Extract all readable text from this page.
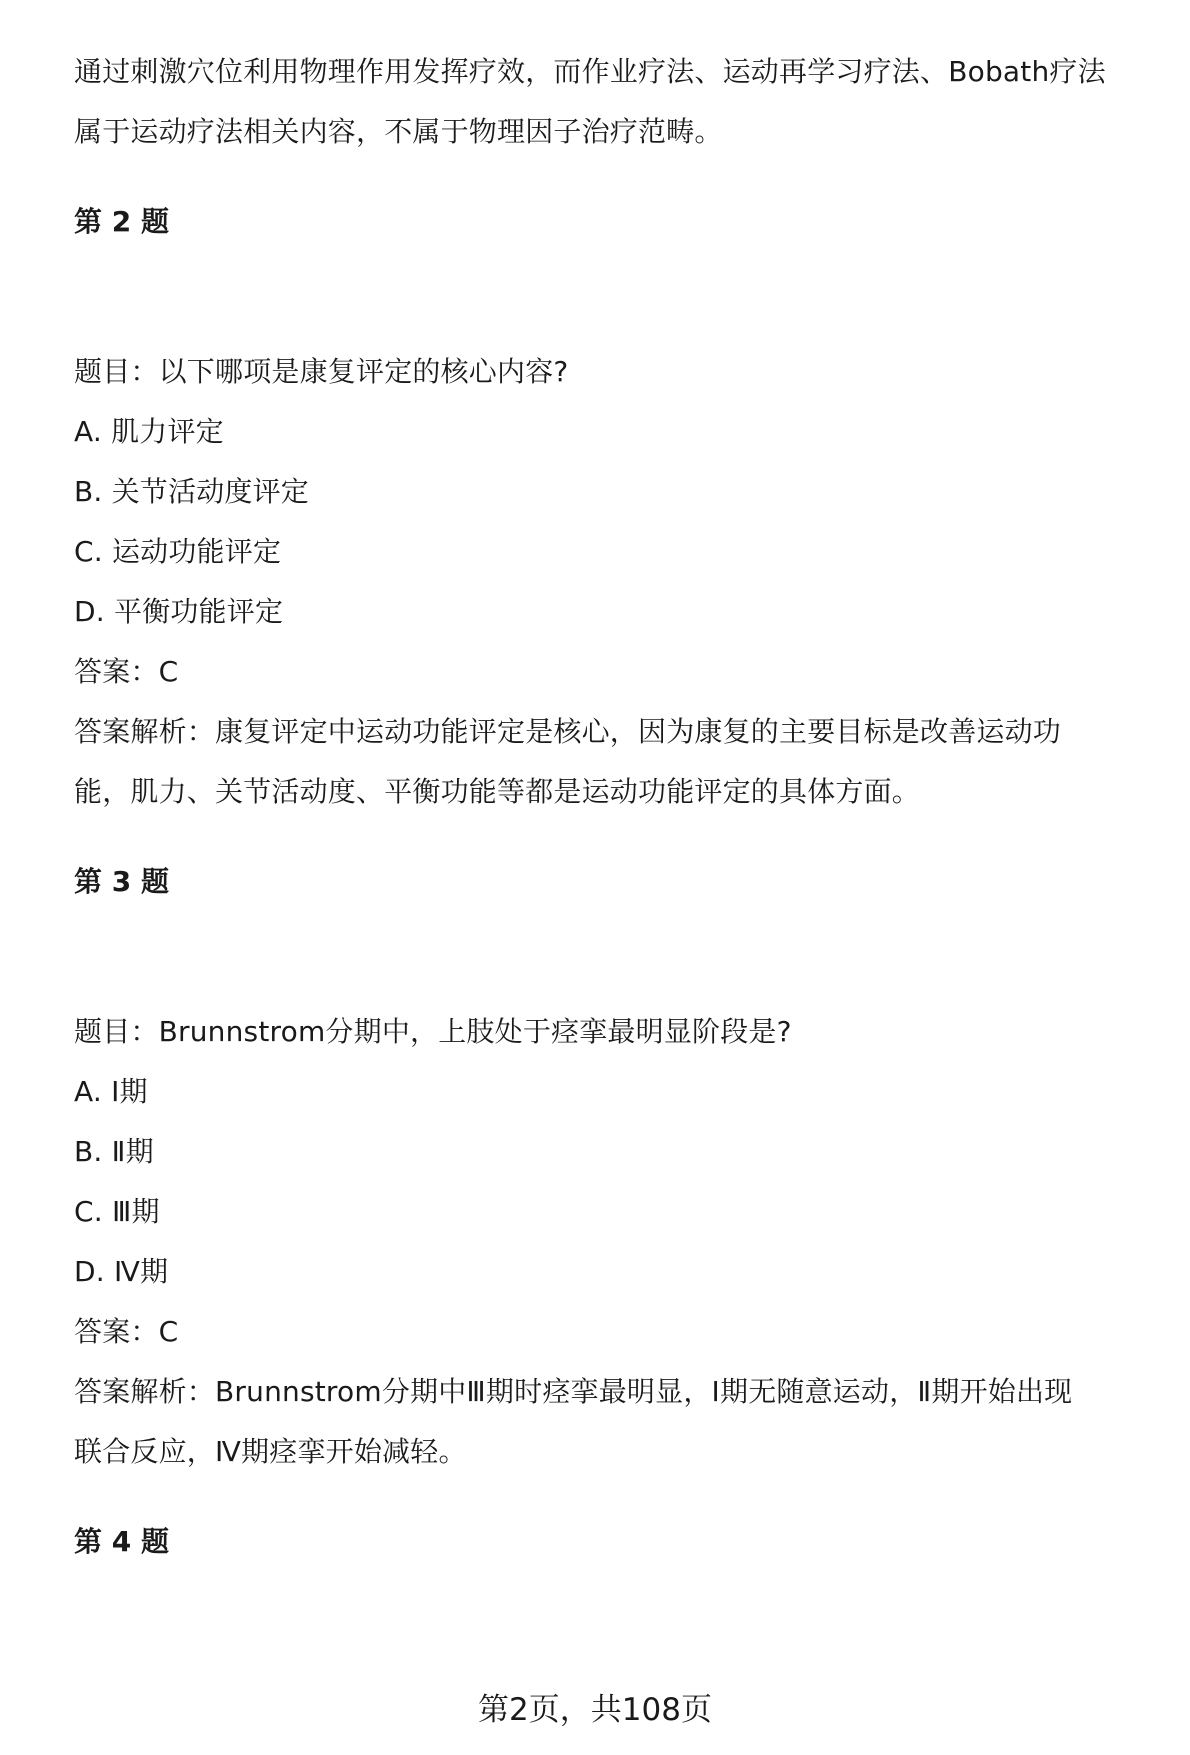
通过刺激穴位利用物理作用发挥疗效，而作业疗法、运动再学习疗法、Bobath疗法
属于运动疗法相关内容，不属于物理因子治疗范畴。
第 2 题
题目：以下哪项是康复评定的核心内容?
A. 肌力评定
B. 关节活动度评定
C. 运动功能评定
D. 平衡功能评定
答案：C
答案解析：康复评定中运动功能评定是核心，因为康复的主要目标是改善运动功
能，肌力、关节活动度、平衡功能等都是运动功能评定的具体方面。
第 3 题
题目：Brunnstrom分期中，上肢处于痉挛最明显阶段是?
A. Ⅰ期
B. Ⅱ期
C. Ⅲ期
D. Ⅳ期
答案：C
答案解析：Brunnstrom分期中Ⅲ期时痉挛最明显，Ⅰ期无随意运动，Ⅱ期开始出现
联合反应，Ⅳ期痉挛开始减轻。
第 4 题
第2页，共108页
